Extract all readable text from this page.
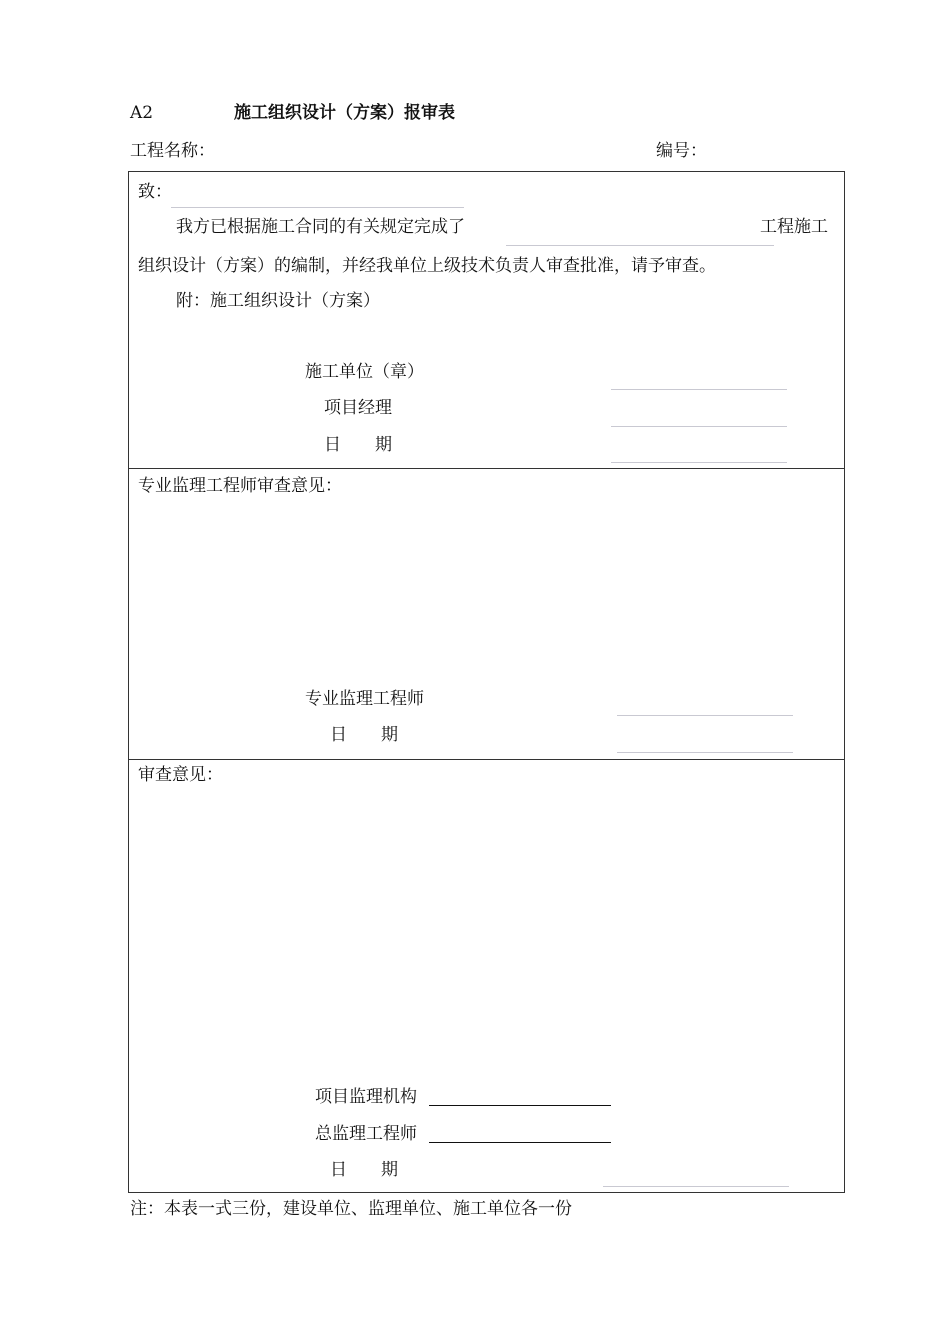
A2	施工组织设计（方案）报审表
工程名称：	编号：
致：
我方已根据施工合同的有关规定完成了	工程施工
组织设计（方案）的编制，并经我单位上级技术负责人审查批准，请予审查。
附：施工组织设计（方案）
施工单位（章）
项目经理
日　　期
专业监理工程师审查意见：
专业监理工程师
日　　期
审查意见：
项目监理机构
总监理工程师
日　　期
注：本表一式三份，建设单位、监理单位、施工单位各一份
